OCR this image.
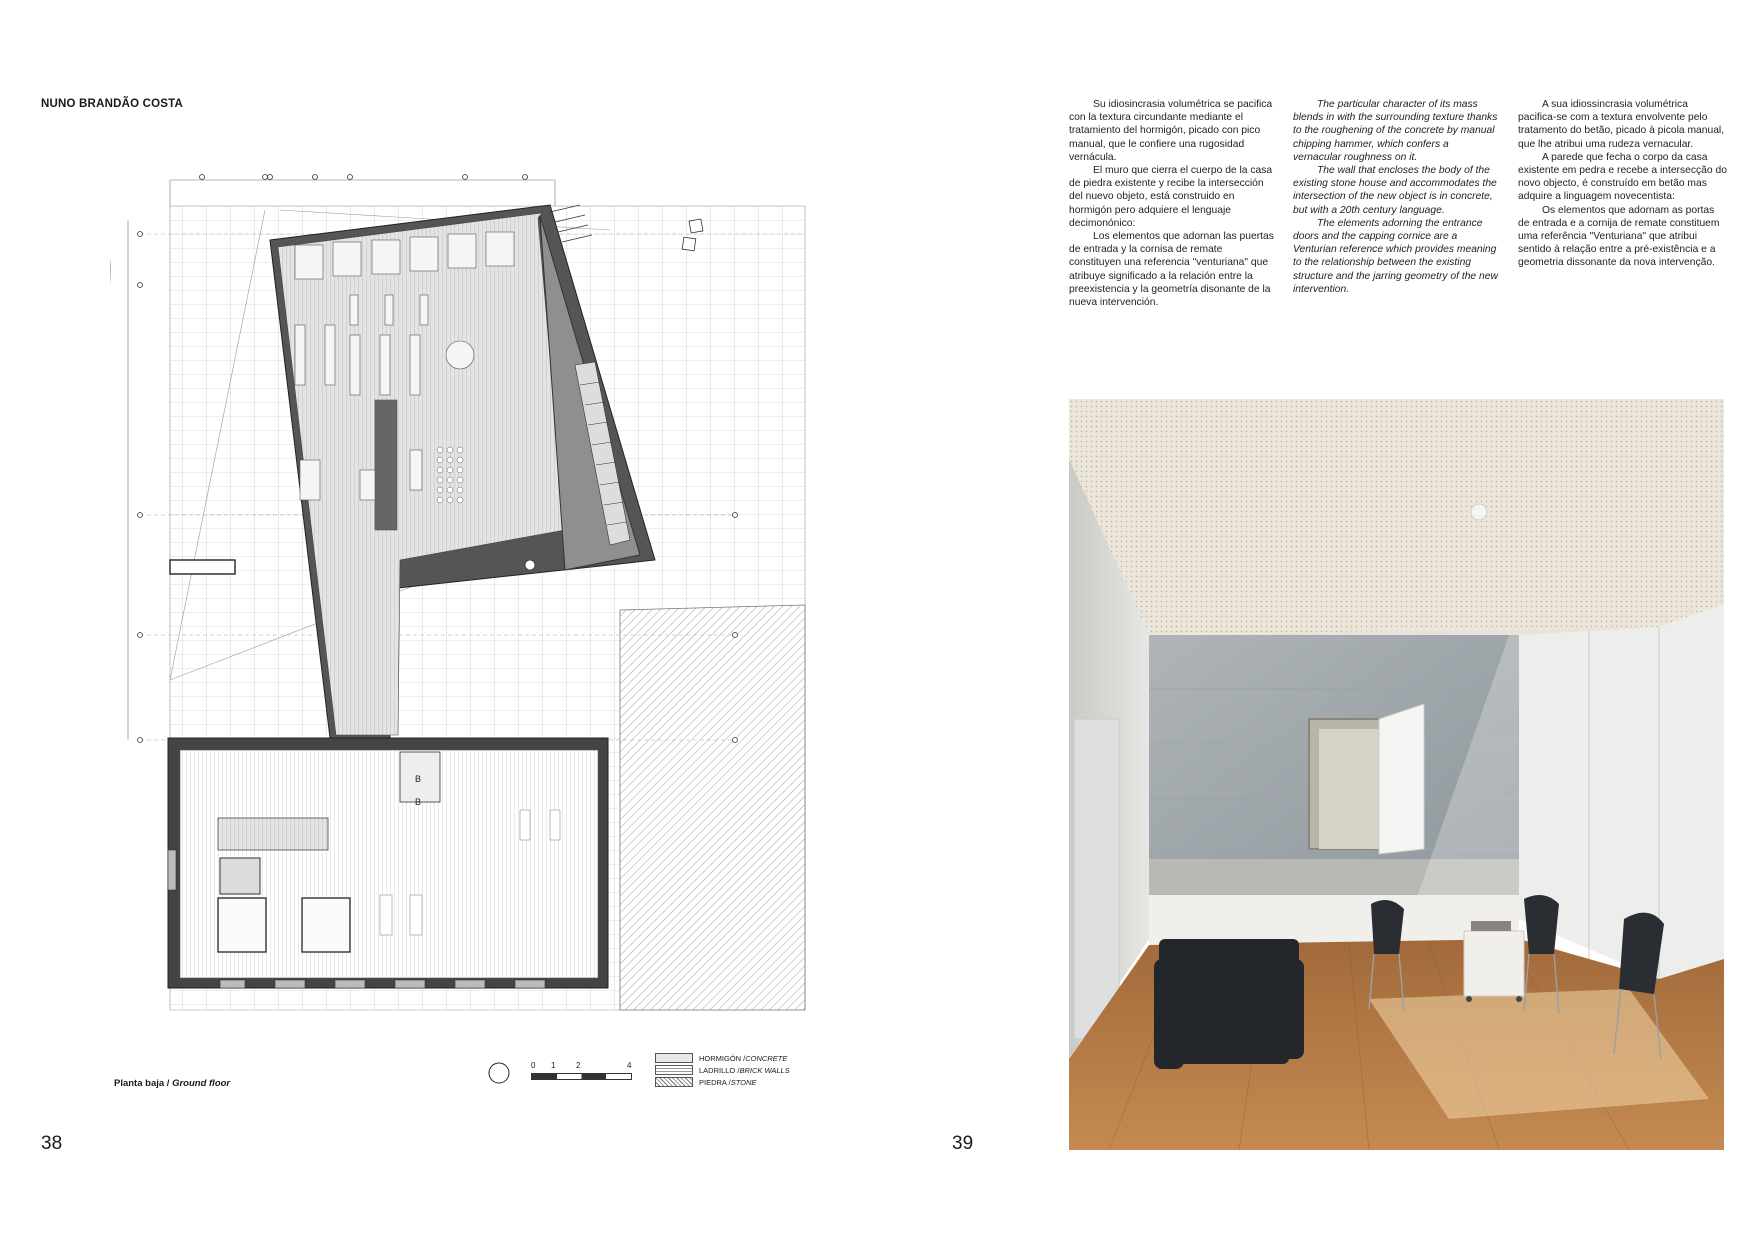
NUNO BRANDÃO COSTA
B
B
Planta baja / Ground floor
0 1	2	4
HORMIGÓN / CONCRETE
LADRILLO / BRICK WALLS
PIEDRA / STONE
38	39

Su idiosincrasia volumétrica se pacifica con la textura circundante mediante el tratamiento del hormigón, picado con pico manual, que le confiere una rugosidad vernácula.

El muro que cierra el cuerpo de la casa de piedra existente y recibe la intersección del nuevo objeto, está construido en hormigón pero adquiere el lenguaje decimonónico:

Los elementos que adornan las puertas de entrada y la cornisa de remate constituyen una referencia "venturiana" que atribuye significado a la relación entre la preexistencia y la geometría disonante de la nueva intervención.

The particular character of its mass blends in with the surrounding texture thanks to the roughening of the concrete by manual chipping hammer, which confers a vernacular roughness on it.

The wall that encloses the body of the existing stone house and accommodates the intersection of the new object is in concrete, but with a 20th century language.

The elements adorning the entrance doors and the capping cornice are a Venturian reference which provides meaning to the relationship between the existing structure and the jarring geometry of the new intervention.

A sua idiossincrasia volumétrica pacifica-se com a textura envolvente pelo tratamento do betão, picado à picola manual, que lhe atribui uma rudeza vernacular.

A parede que fecha o corpo da casa existente em pedra e recebe a intersecção do novo objecto, é construído em betão mas adquire a linguagem novecentista:

Os elementos que adornam as portas de entrada e a cornija de remate constituem uma referência "Venturiana" que atribui sentido à relação entre a pré-existência e a geometria dissonante da nova intervenção.
